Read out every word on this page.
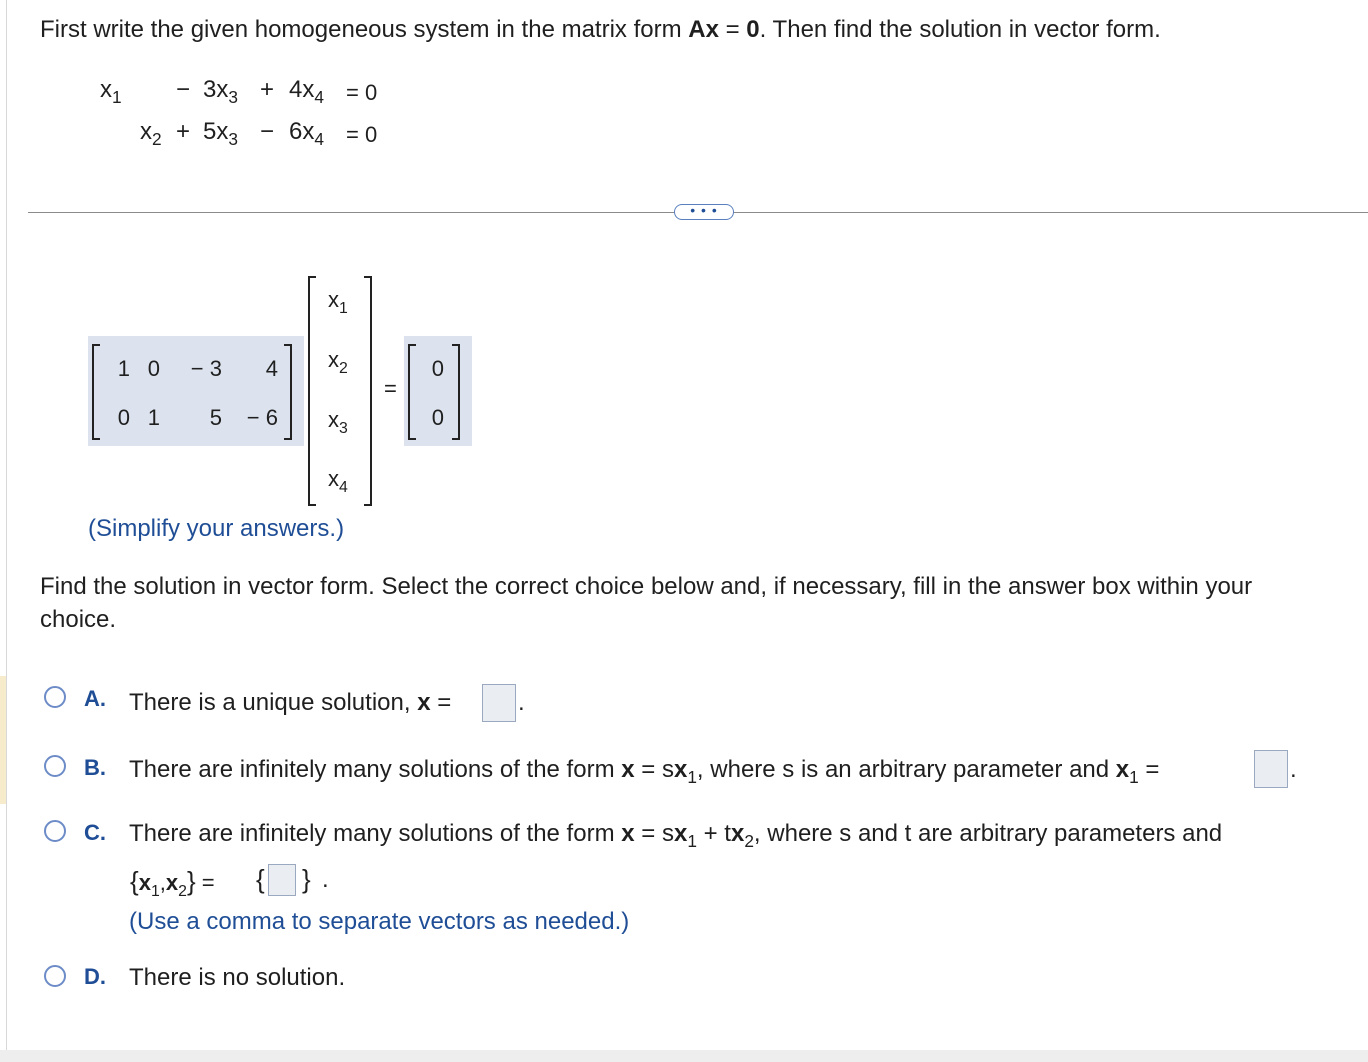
First write the given homogeneous system in the matrix form Ax = 0. Then find the solution in vector form.
$x_1 - 3x_3 + 4x_4 = 0$
$x_2 + 5x_3 - 6x_4 = 0$
• • •
1 0	− 3	4
0 1	5	− 6
$x_1$
$x_2$
$x_3$
$x_4$
=
0
0
(Simplify your answers.)
Find the solution in vector form. Select the correct choice below and, if necessary, fill in the answer box within your
choice.
A. There is a unique solution, x =	.
B. There are infinitely many solutions of the form $x = sx_1$, where s is an arbitrary parameter and $x_1$ =	.
C. There are infinitely many solutions of the form $x = sx_1 + tx_2$, where s and t are arbitrary parameters and
$\{x_1,x_2\}$ = { } .
(Use a comma to separate vectors as needed.)
D. There is no solution.
